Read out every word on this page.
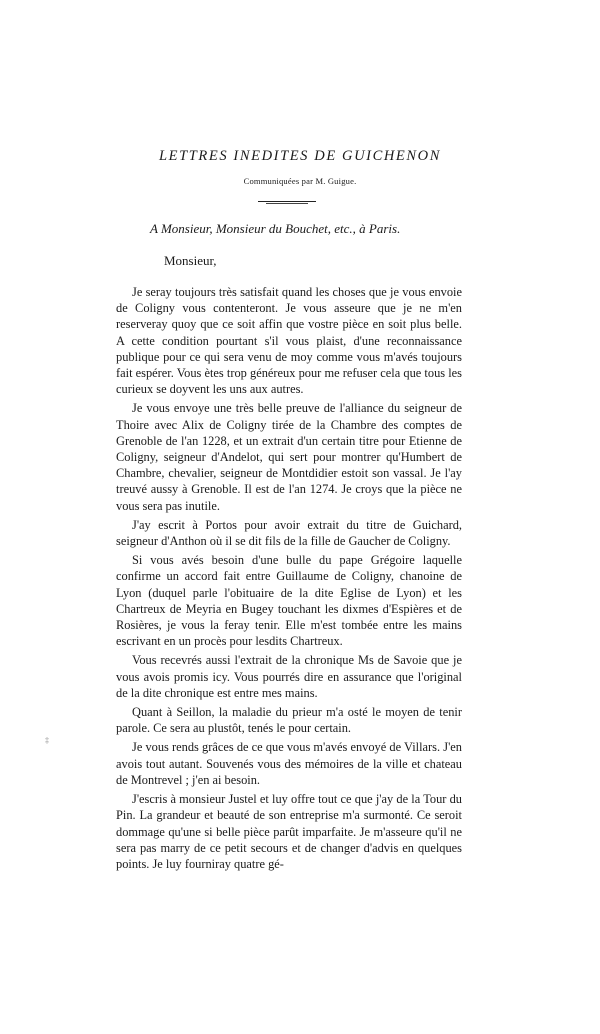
LETTRES INEDITES DE GUICHENON

Communiquées par M. Guigue.

A Monsieur, Monsieur du Bouchet, etc., à Paris.

Monsieur,

Je seray toujours très satisfait quand les choses que je vous envoie de Coligny vous contenteront. Je vous asseure que je ne m'en reserveray quoy que ce soit affin que vostre pièce en soit plus belle. A cette condition pourtant s'il vous plaist, d'une reconnaissance publique pour ce qui sera venu de moy comme vous m'avés toujours fait espérer. Vous ètes trop généreux pour me refuser cela que tous les curieux se doyvent les uns aux autres.

Je vous envoye une très belle preuve de l'alliance du seigneur de Thoire avec Alix de Coligny tirée de la Chambre des comptes de Grenoble de l'an 1228, et un extrait d'un certain titre pour Etienne de Coligny, seigneur d'Andelot, qui sert pour montrer qu'Humbert de Chambre, chevalier, seigneur de Montdidier estoit son vassal. Je l'ay treuvé aussy à Grenoble. Il est de l'an 1274. Je croys que la pièce ne vous sera pas inutile.

J'ay escrit à Portos pour avoir extrait du titre de Guichard, seigneur d'Anthon où il se dit fils de la fille de Gaucher de Coligny.

Si vous avés besoin d'une bulle du pape Grégoire laquelle confirme un accord fait entre Guillaume de Coligny, chanoine de Lyon (duquel parle l'obituaire de la dite Eglise de Lyon) et les Chartreux de Meyria en Bugey touchant les dixmes d'Espières et de Rosières, je vous la feray tenir. Elle m'est tombée entre les mains escrivant en un procès pour lesdits Chartreux.

Vous recevrés aussi l'extrait de la chronique Ms de Savoie que je vous avois promis icy. Vous pourrés dire en assurance que l'original de la dite chronique est entre mes mains.

Quant à Seillon, la maladie du prieur m'a osté le moyen de tenir parole. Ce sera au plustôt, tenés le pour certain.

Je vous rends grâces de ce que vous m'avés envoyé de Villars. J'en avois tout autant. Souvenés vous des mémoires de la ville et chateau de Montrevel ; j'en ai besoin.

J'escris à monsieur Justel et luy offre tout ce que j'ay de la Tour du Pin. La grandeur et beauté de son entreprise m'a surmonté. Ce seroit dommage qu'une si belle pièce parût imparfaite. Je m'asseure qu'il ne sera pas marry de ce petit secours et de changer d'advis en quelques points. Je luy fourniray quatre gé-

‡
